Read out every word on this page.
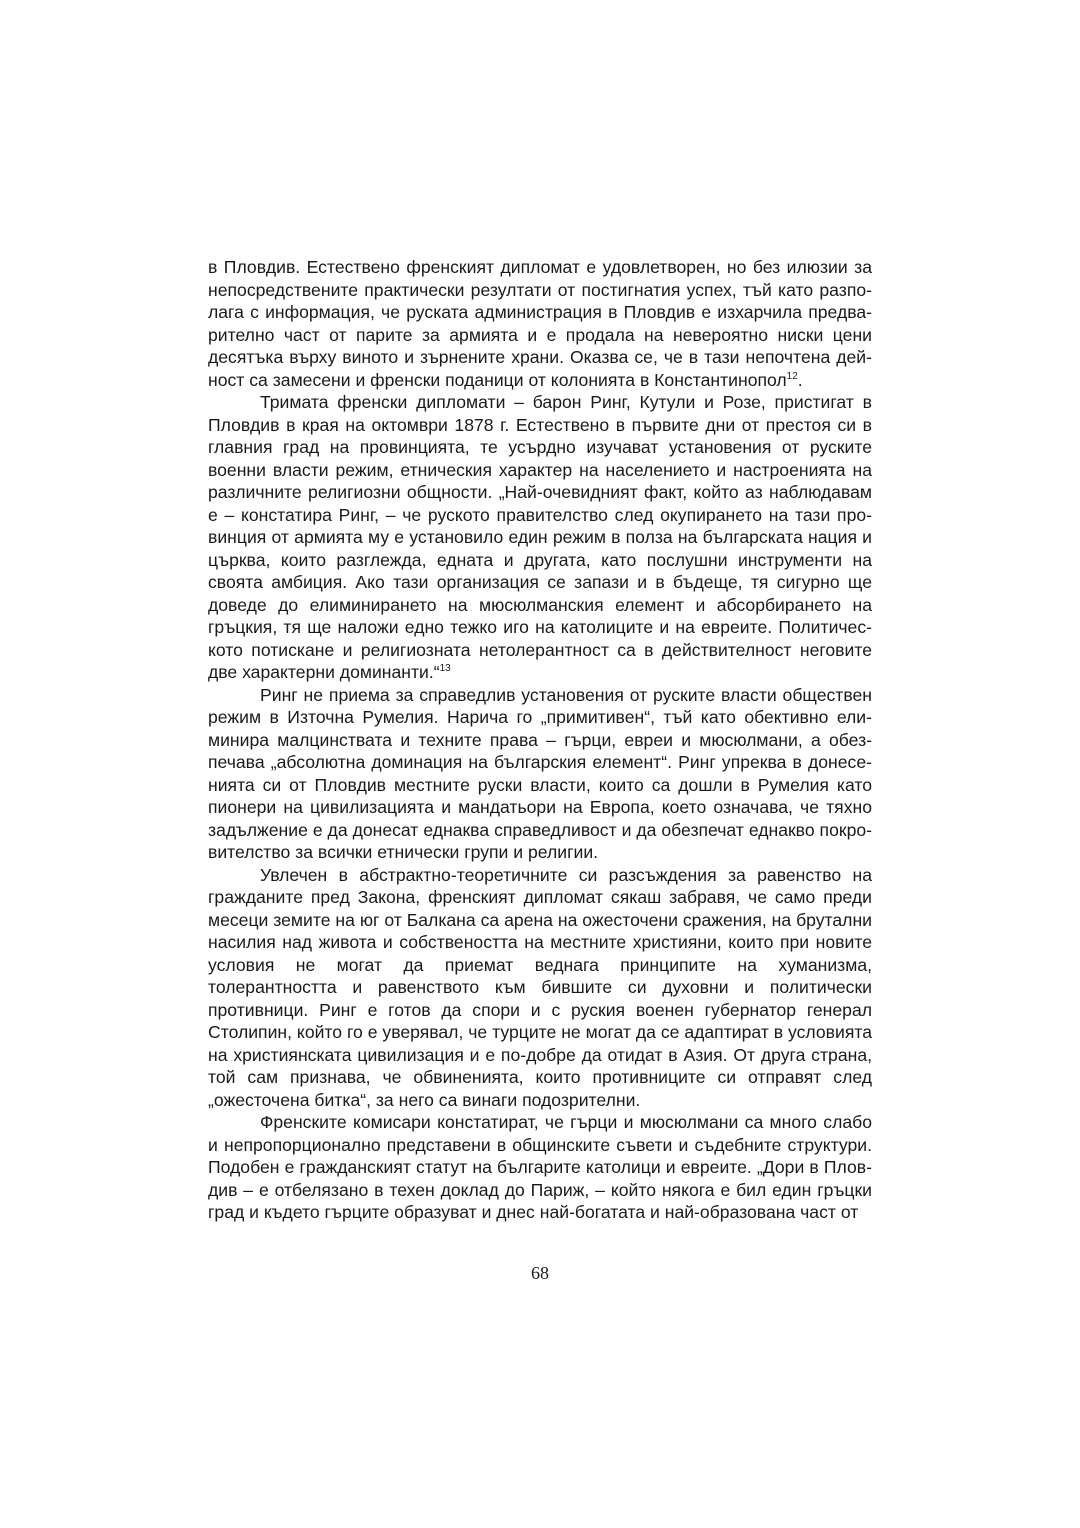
в Пловдив. Естествено френският дипломат е удовлетворен, но без илюзии за непосредствените практически резултати от постигнатия успех, тъй като разполага с информация, че руската администрация в Пловдив е изхарчила предварително част от парите за армията и е продала на невероятно ниски цени десятъка върху виното и зърнените храни. Оказва се, че в тази непочтена дейност са замесени и френски поданици от колонията в Константинопол$^{12}$.

Тримата френски дипломати – барон Ринг, Кутули и Розе, пристигат в Пловдив в края на октомври 1878 г. Естествено в първите дни от престоя си в главния град на провинцията, те усърдно изучават установения от руските военни власти режим, етническия характер на населението и настроенията на различните религиозни общности. „Най-очевидният факт, който аз наблюдавам е – констатира Ринг, – че руското правителство след окупирането на тази провинция от армията му е установило един режим в полза на българската нация и църква, които разглежда, едната и другата, като послушни инструменти на своята амбиция. Ако тази организация се запази и в бъдеще, тя сигурно ще доведе до елиминирането на мюсюлманския елемент и абсорбирането на гръцкия, тя ще наложи едно тежко иго на католиците и на евреите. Политическото потискане и религиозната нетолерантност са в действителност неговите две характерни доминанти.“$^{13}$

Ринг не приема за справедлив установения от руските власти обществен режим в Източна Румелия. Нарича го „примитивен“, тъй като обективно елиминира малцинствата и техните права – гърци, евреи и мюсюлмани, а обезпечава „абсолютна доминация на българския елемент“. Ринг упреква в донесенията си от Пловдив местните руски власти, които са дошли в Румелия като пионери на цивилизацията и мандатьори на Европа, което означава, че тяхно задължение е да донесат еднаква справедливост и да обезпечат еднакво покровителство за всички етнически групи и религии.

Увлечен в абстрактно-теоретичните си разсъждения за равенство на гражданите пред Закона, френският дипломат сякаш забравя, че само преди месеци земите на юг от Балкана са арена на ожесточени сражения, на брутални насилия над живота и собствеността на местните християни, които при новите условия не могат да приемат веднага принципите на хуманизма, толерантността и равенството към бившите си духовни и политически противници. Ринг е готов да спори и с руския военен губернатор генерал Столипин, който го е уверявал, че турците не могат да се адаптират в условията на християнската цивилизация и е по-добре да отидат в Азия. От друга страна, той сам признава, че обвиненията, които противниците си отправят след „ожесточена битка“, за него са винаги подозрителни.

Френските комисари констатират, че гърци и мюсюлмани са много слабо и непропорционално представени в общинските съвети и съдебните структури. Подобен е гражданският статут на българите католици и евреите. „Дори в Пловдив – е отбелязано в техен доклад до Париж, – който някога е бил един гръцки град и където гърците образуват и днес най-богатата и най-образована част от

68
